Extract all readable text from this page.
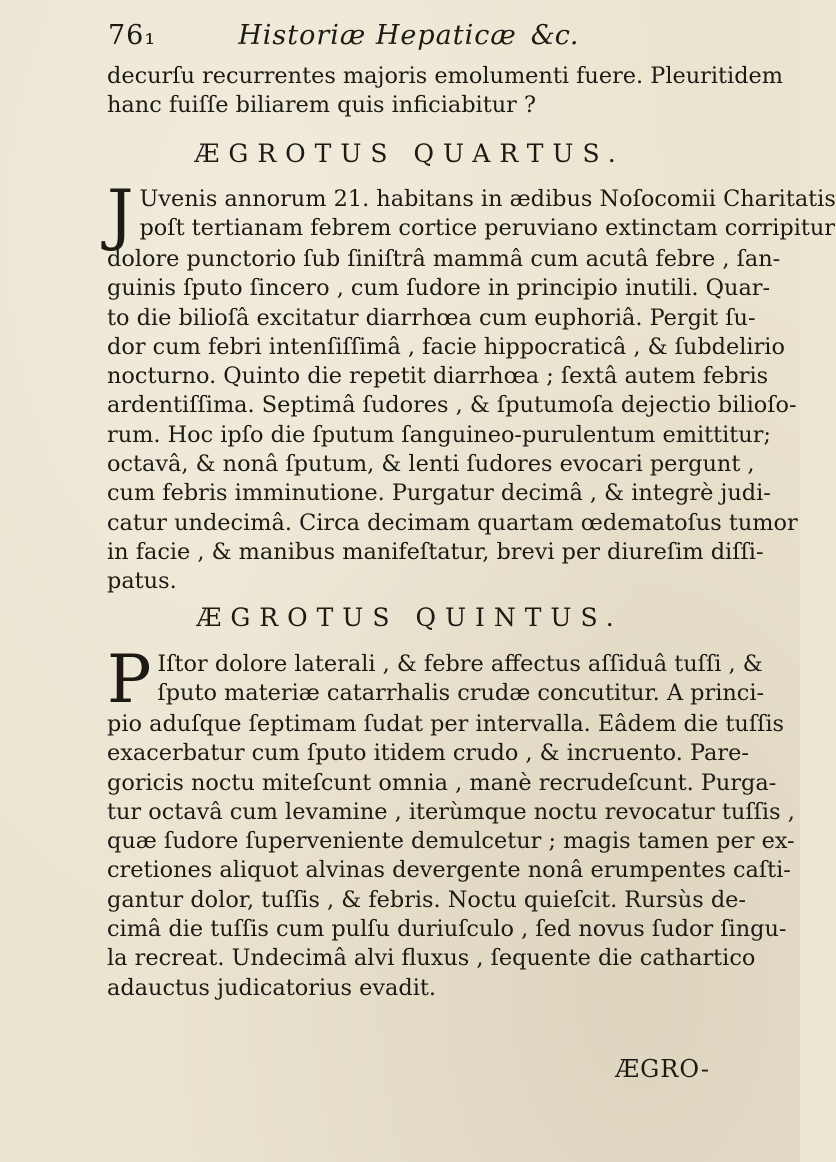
76₁	Historiæ Hepaticæ &c.
decurſu recurrentes majoris emolumenti fuere. Pleuritidem
hanc fuiſſe biliarem quis inficiabitur ?
ÆGROTUS QUARTUS.
J Uvenis annorum 21. habitans in ædibus Noſocomii Charitatis
poſt tertianam febrem cortice peruviano extinctam corripitur
dolore punctorio ſub ſiniſtrâ mammâ cum acutâ febre , ſan-
guinis ſputo ſincero , cum ſudore in principio inutili. Quar-
to die bilioſâ excitatur diarrhœa cum euphoriâ. Pergit ſu-
dor cum febri intenſiſſimâ , facie hippocraticâ , & ſubdelirio
nocturno. Quinto die repetit diarrhœa ; ſextâ autem febris
ardentiſſima. Septimâ ſudores , & ſputumoſa dejectio bilioſo-
rum. Hoc ipſo die ſputum ſanguineo-purulentum emittitur;
octavâ, & nonâ ſputum, & lenti ſudores evocari pergunt ,
cum febris imminutione. Purgatur decimâ , & integrè judi-
catur undecimâ. Circa decimam quartam œdematoſus tumor
in facie , & manibus manifeſtatur, brevi per diureſim diſſi-
patus.
ÆGROTUS QUINTUS.
P Iſtor dolore laterali , & febre affectus aſſiduâ tuſſi , &
ſputo materiæ catarrhalis crudæ concutitur. A princi-
pio aduſque ſeptimam ſudat per intervalla. Eâdem die tuſſis
exacerbatur cum ſputo itidem crudo , & incruento. Pare-
goricis noctu miteſcunt omnia , manè recrudeſcunt. Purga-
tur octavâ cum levamine , iterùmque noctu revocatur tuſſis ,
quæ ſudore ſuperveniente demulcetur ; magis tamen per ex-
cretiones aliquot alvinas devergente nonâ erumpentes caſti-
gantur dolor, tuſſis , & febris. Noctu quieſcit. Rursùs de-
cimâ die tuſſis cum pulſu duriuſculo , ſed novus ſudor ſingu-
la recreat. Undecimâ alvi fluxus , ſequente die cathartico
adauctus judicatorius evadit.
ÆGRO-
